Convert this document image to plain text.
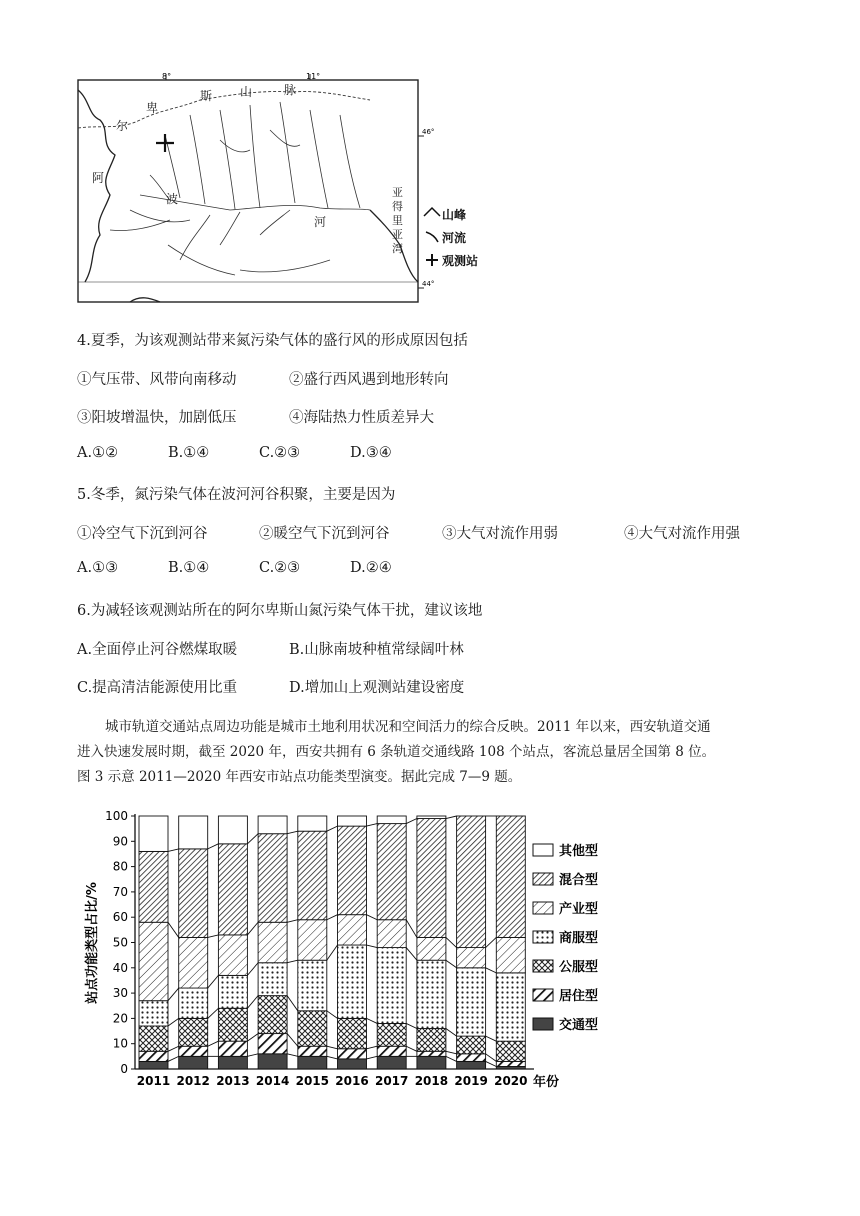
8°	11°
46°
44°
卑
斯 山	脉
尔
阿
波
河
亚
得
里
亚
湾
山峰
河流
观测站
4.夏季，为该观测站带来氮污染气体的盛行风的形成原因包括
①气压带、风带向南移动	②盛行西风遇到地形转向
③阳坡增温快，加剧低压	④海陆热力性质差异大
A.①②	B.①④	C.②③	D.③④
5.冬季，氮污染气体在波河河谷积聚，主要是因为
①冷空气下沉到河谷	②暖空气下沉到河谷	③大气对流作用弱	④大气对流作用强
A.①③	B.①④	C.②③	D.②④
6.为减轻该观测站所在的阿尔卑斯山氮污染气体干扰，建议该地
A.全面停止河谷燃煤取暖	B.山脉南坡种植常绿阔叶林
C.提高清洁能源使用比重	D.增加山上观测站建设密度

城市轨道交通站点周边功能是城市土地利用状况和空间活力的综合反映。2011 年以来，西安轨道交通

进入快速发展时期，截至 2020 年，西安共拥有 6 条轨道交通线路 108 个站点，客流总量居全国第 8 位。

图 3 示意 2011—2020 年西安市站点功能类型演变。据此完成 7—9 题。

站点功能类型占比/%
0
10
20
30
40
50
60
70
80
90
100
2011 2012 2013 2014 2015 2016 2017 2018 2019 2020 年份
其他型
混合型
产业型
商服型
公服型
居住型
交通型
